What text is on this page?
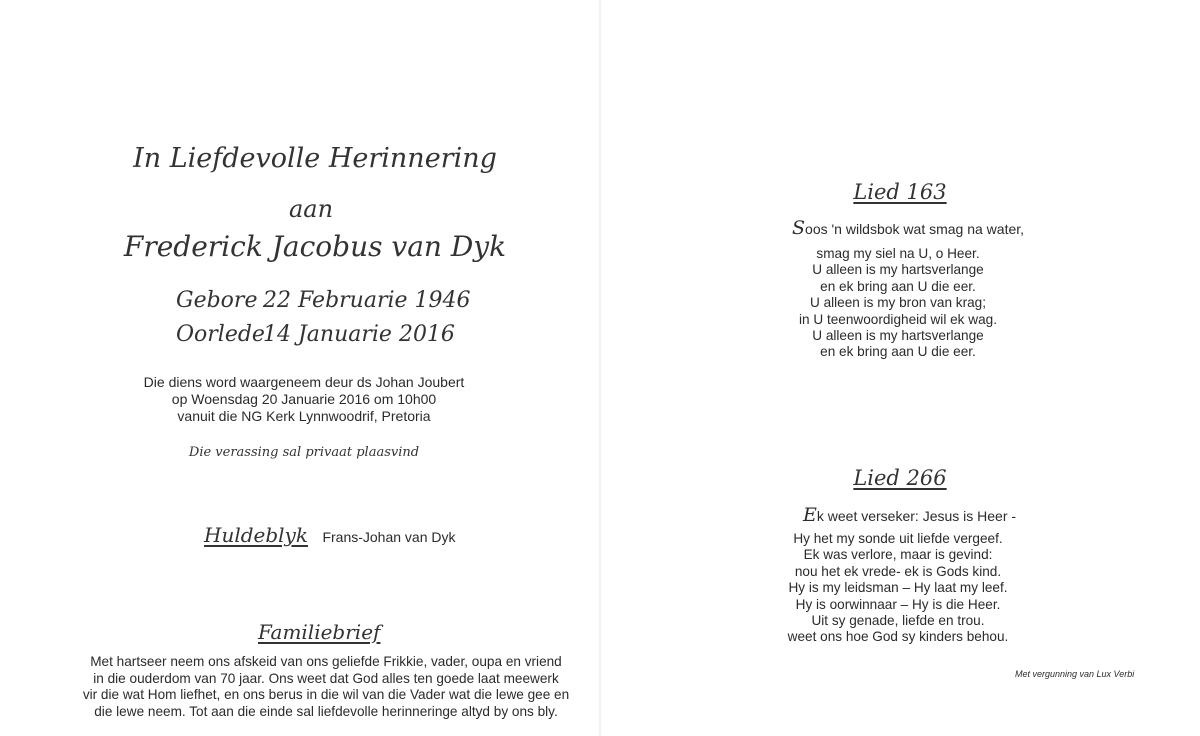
In Liefdevolle Herinnering
aan
Frederick Jacobus van Dyk
Gebore 22 Februarie 1946
Oorlede
14 Januarie 2016
Die diens word waargeneem deur ds Johan Joubert
op Woensdag 20 Januarie 2016 om 10h00
vanuit die NG Kerk Lynnwoodrif, Pretoria
Die verassing sal privaat plaasvind
Huldeblyk Frans-Johan van Dyk
Familiebrief
Met hartseer neem ons afskeid van ons geliefde Frikkie, vader, oupa en vriend
in die ouderdom van 70 jaar. Ons weet dat God alles ten goede laat meewerk
vir die wat Hom liefhet, en ons berus in die wil van die Vader wat die lewe gee en
die lewe neem. Tot aan die einde sal liefdevolle herinneringe altyd by ons bly.
Lied 163
Soos 'n wildsbok wat smag na water,
smag my siel na U, o Heer.
U alleen is my hartsverlange
en ek bring aan U die eer.
U alleen is my bron van krag;
in U teenwoordigheid wil ek wag.
U alleen is my hartsverlange
en ek bring aan U die eer.
Lied 266
Ek weet verseker: Jesus is Heer -
Hy het my sonde uit liefde vergeef.
Ek was verlore, maar is gevind:
nou het ek vrede- ek is Gods kind.
Hy is my leidsman – Hy laat my leef.
Hy is oorwinnaar – Hy is die Heer.
Uit sy genade, liefde en trou.
weet ons hoe God sy kinders behou.
Met vergunning van Lux Verbi
